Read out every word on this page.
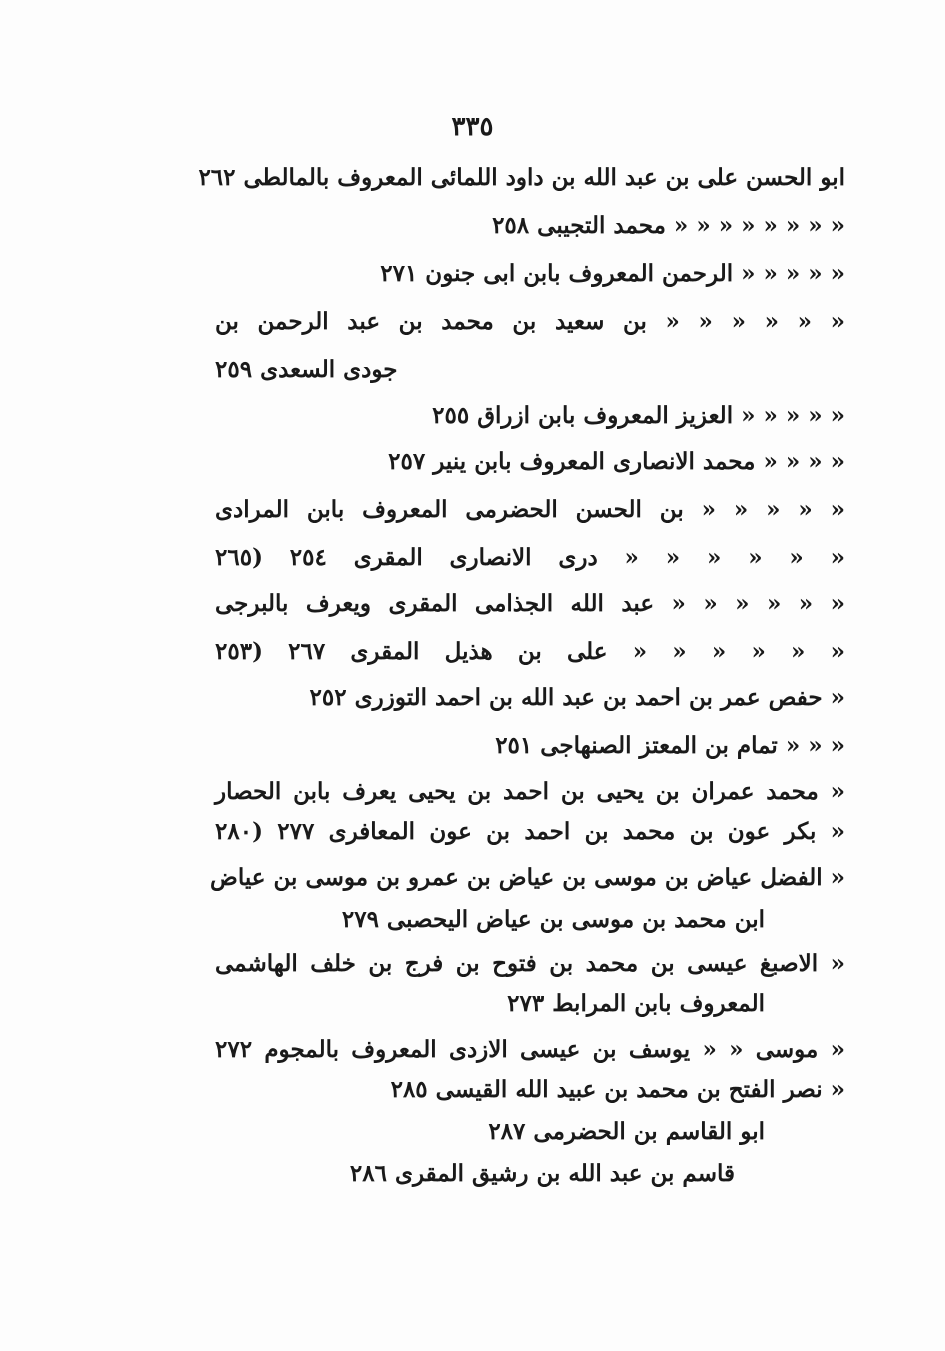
٣٣٥
ابو الحسن على بن عبد الله بن داود اللمائى المعروف بالمالطى ٢٦٢
« « « « « « « « محمد التجيبى ٢٥٨
« « « « « الرحمن المعروف بابن ابى جنون ٢٧١
« « « « « « بن سعيد بن محمد بن عبد الرحمن بن
جودى السعدى ٢٥٩
« « « « « العزيز المعروف بابن ازراق ٢٥٥
« « « « محمد الانصارى المعروف بابن ينير ٢٥٧
« « « « « بن الحسن الحضرمى المعروف بابن المرادى
« « « « « « درى الانصارى المقرى ٢٥٤ (٢٦٥
« « « « « « عبد الله الجذامى المقرى ويعرف بالبرجى
« « « « « « على بن هذيل المقرى ٢٦٧ (٢٥٣
« حفص عمر بن احمد بن عبد الله بن احمد التوزرى ٢٥٢
« « « تمام بن المعتز الصنهاجى ٢٥١
« محمد عمران بن يحيى بن احمد بن يحيى يعرف بابن الحصار
« بكر عون بن محمد بن احمد بن عون المعافرى ٢٧٧ (٢٨٠
« الفضل عياض بن موسى بن عياض بن عمرو بن موسى بن عياض
ابن محمد بن موسى بن عياض اليحصبى ٢٧٩
« الاصبغ عيسى بن محمد بن فتوح بن فرج بن خلف الهاشمى
المعروف بابن المرابط ٢٧٣
« موسى « « يوسف بن عيسى الازدى المعروف بالمجوم ٢٧٢
« نصر الفتح بن محمد بن عبيد الله القيسى ٢٨٥
ابو القاسم بن الحضرمى ٢٨٧
قاسم بن عبد الله بن رشيق المقرى ٢٨٦
